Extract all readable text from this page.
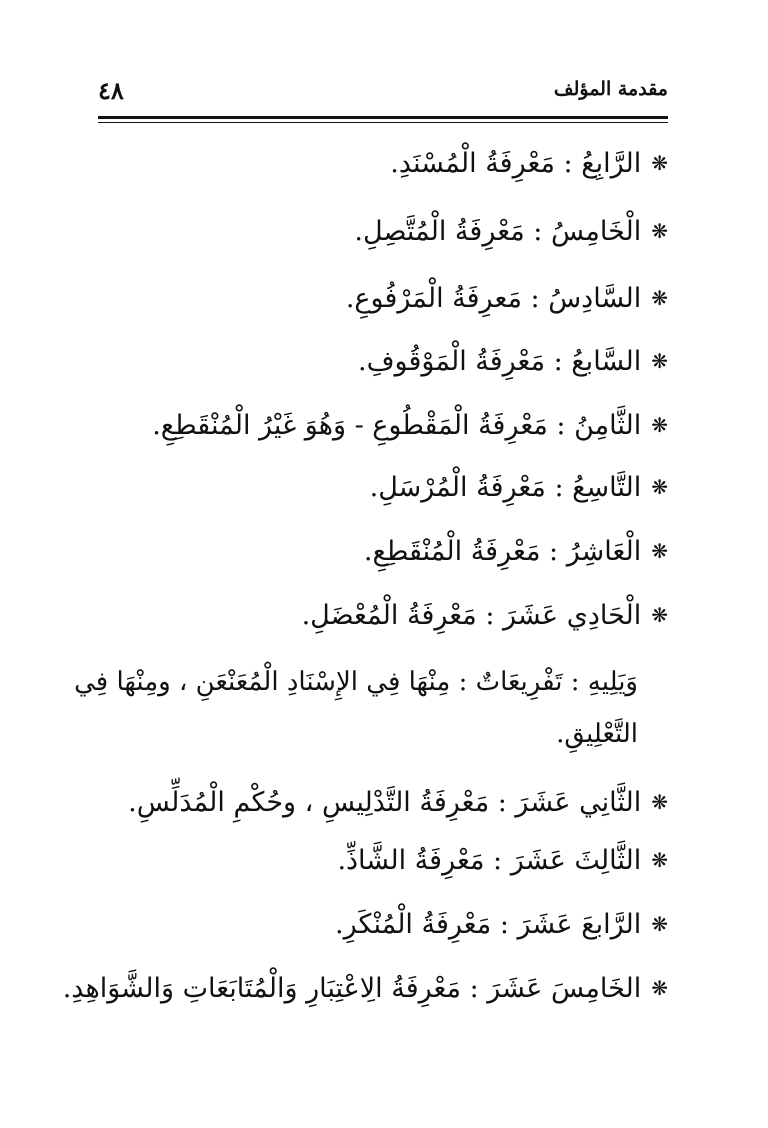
مقدمة المؤلف
٤٨
❋الرَّابِعُ : مَعْرِفَةُ الْمُسْنَدِ.
❋الْخَامِسُ : مَعْرِفَةُ الْمُتَّصِلِ.
❋السَّادِسُ : مَعرِفَةُ الْمَرْفُوعِ.
❋السَّابعُ : مَعْرِفَةُ الْمَوْقُوفِ.
❋الثَّامِنُ : مَعْرِفَةُ الْمَقْطُوعِ - وَهُوَ غَيْرُ الْمُنْقَطِعِ.
❋التَّاسِعُ : مَعْرِفَةُ الْمُرْسَلِ.
❋الْعَاشِرُ : مَعْرِفَةُ الْمُنْقَطِعِ.
❋الْحَادِي عَشَرَ : مَعْرِفَةُ الْمُعْضَلِ.
وَيَلِيهِ : تَفْرِيعَاتٌ : مِنْهَا فِي الإِسْنَادِ الْمُعَنْعَنِ ، ومِنْهَا فِي
التَّعْلِيقِ.
❋الثَّانِي عَشَرَ : مَعْرِفَةُ التَّدْلِيسِ ، وحُكْمِ الْمُدَلِّسِ.
❋الثَّالِثَ عَشَرَ : مَعْرِفَةُ الشَّاذِّ.
❋الرَّابعَ عَشَرَ : مَعْرِفَةُ الْمُنْكَرِ.
❋الخَامِسَ عَشَرَ : مَعْرِفَةُ الِاعْتِبَارِ وَالْمُتَابَعَاتِ وَالشَّوَاهِدِ.
